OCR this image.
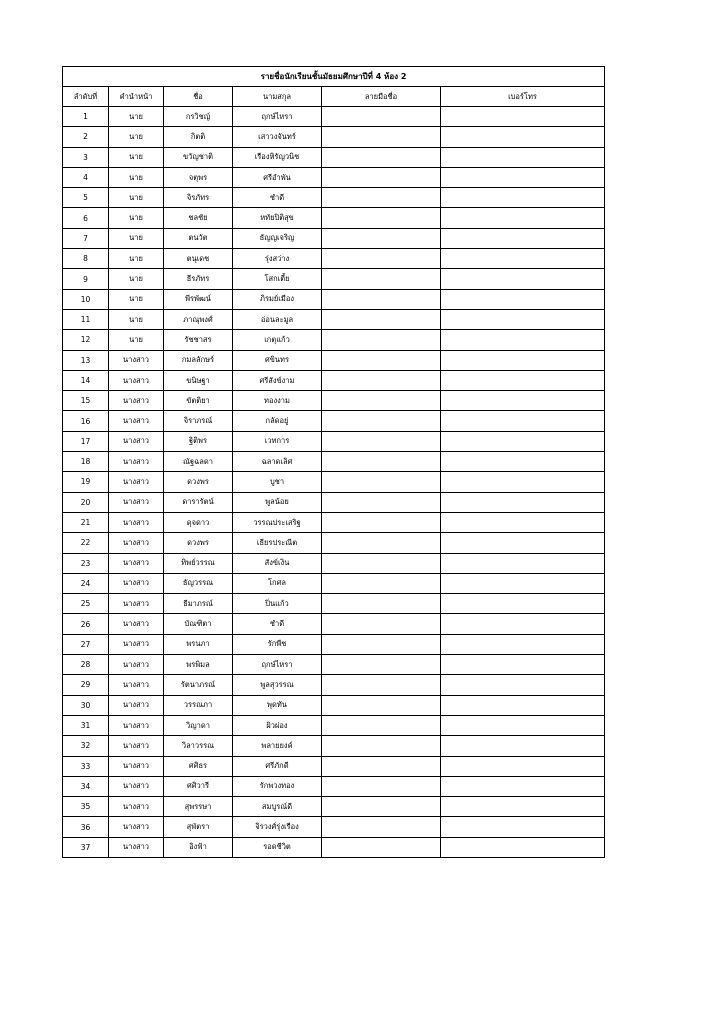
รายชื่อนักเรียนชั้นมัธยมศึกษาปีที่ 4 ห้อง 2					
ลำดับที่	คำนำหน้า	ชื่อ	นามสกุล	ลายมือชื่อ	เบอร์โทร
1	นาย	กรวิชญ์	ฤกษ์ไหรา		
2	นาย	กิตติ	เสาวงจันทร์		
3	นาย	ขวัญชาติ	เรืองหิรัญวนิช		
4	นาย	จตุพร	ศรีอำพัน		
5	นาย	จิรภัทร	ชำดี		
6	นาย	ชลชัย	หทัยปิติสุข		
7	นาย	ตนวัต	ธัญญเจริญ		
8	นาย	ตนุเดช	รุ่งสว่าง		
9	นาย	ธีรภัทร	โสกเตี้ย		
10	นาย	พีรพัฒน์	ภิรมย์เมือง		
11	นาย	ภาณุพงศ์	อ่อนละมูล		
12	นาย	รัชชาสร	เกตุแก้ว		
13	นางสาว	กมลลักษร์	ศขินทร		
14	นางสาว	ขนิษฐา	ศรีสังข์งาม		
15	นางสาว	ขัตติยา	ทองงาม		
16	นางสาว	จิราภรณ์	กลัดอยู่		
17	นางสาว	ฐิติพร	เวทการ		
18	นางสาว	ณัฐฉลดา	ฉลาดเลิศ		
19	นางสาว	ดวงพร	บูชา		
20	นางสาว	ดารารัตน์	พูลน้อย		
21	นางสาว	ดุจดาว	วรรณประเสริฐ		
22	นางสาว	ดวงพร	เธียรประณีต		
23	นางสาว	ทิพย์วรรณ	สังข์เงิน		
24	นางสาว	ธัญวรรณ	โกศล		
25	นางสาว	ธีมาภรณ์	ปิ่นแก้ว		
26	นางสาว	บัณฑิตา	ชำดี		
27	นางสาว	พรนภา	รักพืช		
28	นางสาว	พรพิมล	ฤกษ์ไหรา		
29	นางสาว	รัตนาภรณ์	พูลสุวรรณ		
30	นางสาว	วรรณภา	พุดทัน		
31	นางสาว	วิญาดา	ผิวผ่อง		
32	นางสาว	วิลาวรรณ	พลายยงค์		
33	นางสาว	ศศิธร	ศรีภักดี		
34	นางสาว	ศศิวารี	รักพวงทอง		
35	นางสาว	สุพรรษา	สมบูรณ์ดี		
36	นางสาว	สุพัตรา	จิรวงศ์รุ่งเรือง		
37	นางสาว	อิงฟ้า	รอดชีวิต		
